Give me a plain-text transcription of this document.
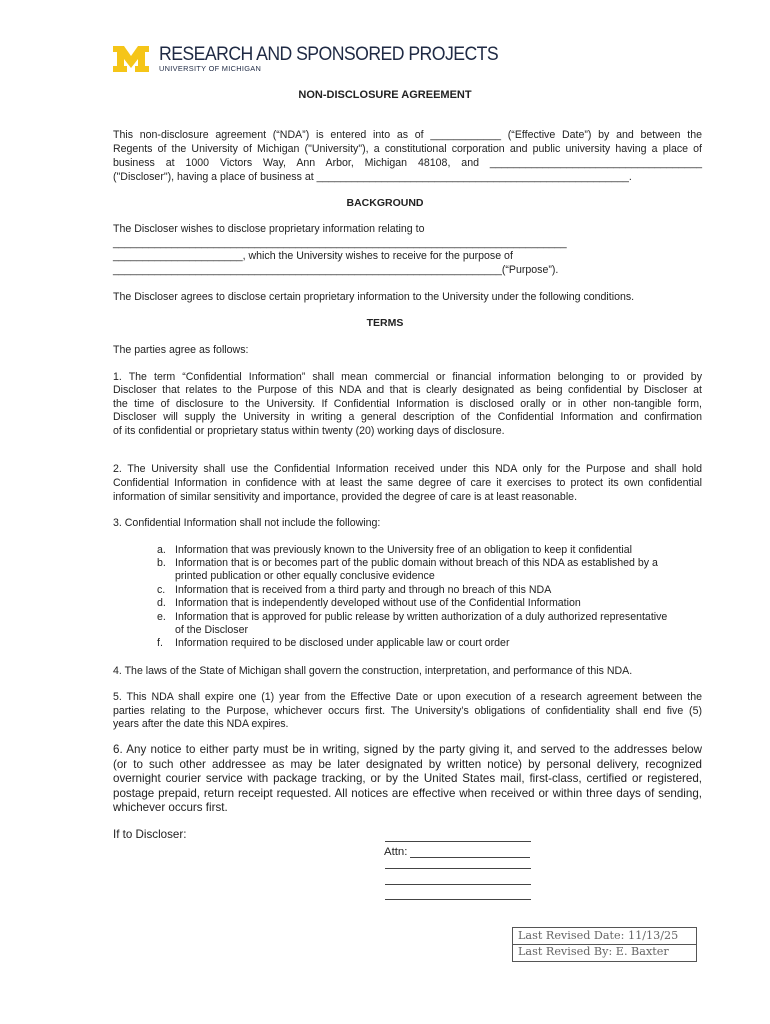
RESEARCH AND SPONSORED PROJECTS
UNIVERSITY OF MICHIGAN
NON-DISCLOSURE AGREEMENT
This non-disclosure agreement (“NDA”) is entered into as of ____________ (“Effective Date”) by and between the
Regents of the University of Michigan ("University"), a constitutional corporation and public university having a place of
business at 1000 Victors Way, Ann Arbor, Michigan 48108, and ____________________________________
("Discloser"), having a place of business at _____________________________________________________.
BACKGROUND
The Discloser wishes to disclose proprietary information relating to
_____________________________________________________________________________
______________________, which the University wishes to receive for the purpose of
__________________________________________________________________(“Purpose”).
The Discloser agrees to disclose certain proprietary information to the University under the following conditions.
TERMS
The parties agree as follows:
1. The term “Confidential Information” shall mean commercial or financial information belonging to or provided by
Discloser that relates to the Purpose of this NDA and that is clearly designated as being confidential by Discloser at
the time of disclosure to the University. If Confidential Information is disclosed orally or in other non-tangible form,
Discloser will supply the University in writing a general description of the Confidential Information and confirmation
of its confidential or proprietary status within twenty (20) working days of disclosure.
2. The University shall use the Confidential Information received under this NDA only for the Purpose and shall hold
Confidential Information in confidence with at least the same degree of care it exercises to protect its own confidential
information of similar sensitivity and importance, provided the degree of care is at least reasonable.
3. Confidential Information shall not include the following:
a. Information that was previously known to the University free of an obligation to keep it confidential
b. Information that is or becomes part of the public domain without breach of this NDA as established by a
printed publication or other equally conclusive evidence
c. Information that is received from a third party and through no breach of this NDA
d. Information that is independently developed without use of the Confidential Information
e. Information that is approved for public release by written authorization of a duly authorized representative
of the Discloser
f.	Information required to be disclosed under applicable law or court order
4. The laws of the State of Michigan shall govern the construction, interpretation, and performance of this NDA.
5. This NDA shall expire one (1) year from the Effective Date or upon execution of a research agreement between the
parties relating to the Purpose, whichever occurs first. The University’s obligations of confidentiality shall end five (5)
years after the date this NDA expires.
6. Any notice to either party must be in writing, signed by the party giving it, and served to the addresses below
(or to such other addressee as may be later designated by written notice) by personal delivery, recognized
overnight courier service with package tracking, or by the United States mail, first-class, certified or registered,
postage prepaid, return receipt requested. All notices are effective when received or within three days of sending,
whichever occurs first.
If to Discloser:
Attn:
Last Revised Date: 11/13/25
Last Revised By: E. Baxter
